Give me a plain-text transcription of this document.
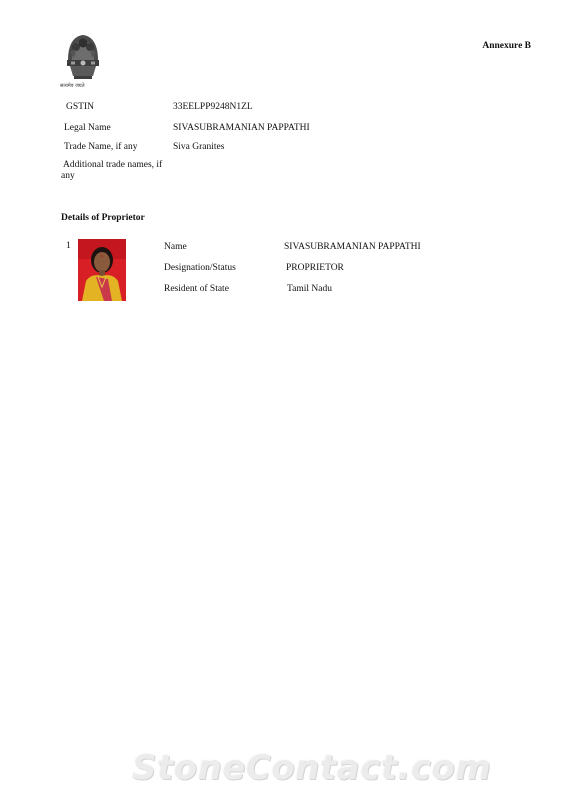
सत्यमेव जयते
Annexure B
GSTIN	33EELPP9248N1ZL
Legal Name	SIVASUBRAMANIAN PAPPATHI
Trade Name, if any	Siva Granites
Additional trade names, if any
Details of Proprietor
1	Name	SIVASUBRAMANIAN PAPPATHI
Designation/Status	PROPRIETOR
Resident of State	Tamil Nadu
StoneContact.com
